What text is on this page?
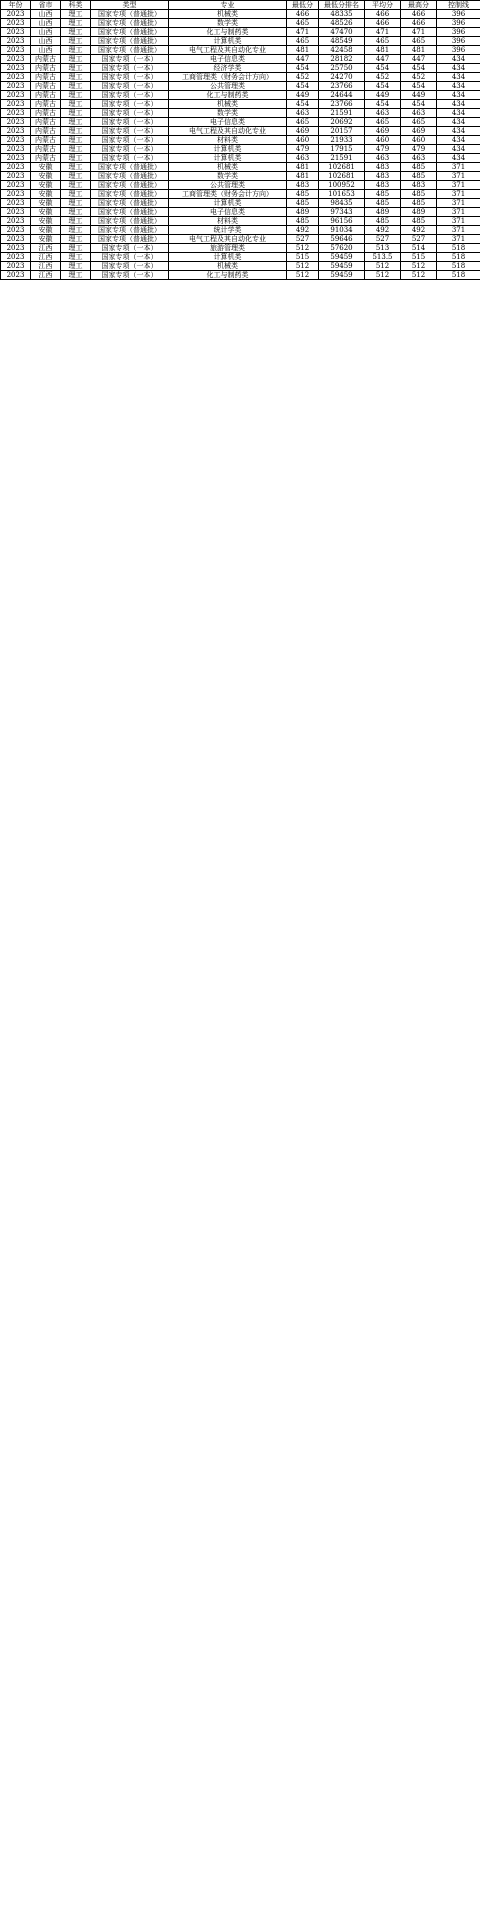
年份	省市	科类	类型	专业	最低分	最低分排名	平均分	最高分	控制线
2023	山西	理工	国家专项（普通批）	机械类	466	48335	466	466	396
2023	山西	理工	国家专项（普通批）	数学类	465	48526	466	466	396
2023	山西	理工	国家专项（普通批）	化工与制药类	471	47470	471	471	396
2023	山西	理工	国家专项（普通批）	计算机类	465	48549	465	465	396
2023	山西	理工	国家专项（普通批）	电气工程及其自动化专业	481	42458	481	481	396
2023	内蒙古	理工	国家专项（一本）	电子信息类	447	28182	447	447	434
2023	内蒙古	理工	国家专项（一本）	经济学类	454	25750	454	454	434
2023	内蒙古	理工	国家专项（一本）	工商管理类（财务会计方向）	452	24270	452	452	434
2023	内蒙古	理工	国家专项（一本）	公共管理类	454	23766	454	454	434
2023	内蒙古	理工	国家专项（一本）	化工与制药类	449	24644	449	449	434
2023	内蒙古	理工	国家专项（一本）	机械类	454	23766	454	454	434
2023	内蒙古	理工	国家专项（一本）	数学类	463	21591	463	463	434
2023	内蒙古	理工	国家专项（一本）	电子信息类	465	20692	465	465	434
2023	内蒙古	理工	国家专项（一本）	电气工程及其自动化专业	469	20157	469	469	434
2023	内蒙古	理工	国家专项（一本）	材料类	460	21933	460	460	434
2023	内蒙古	理工	国家专项（一本）	计算机类	479	17915	479	479	434
2023	内蒙古	理工	国家专项（一本）	计算机类	463	21591	463	463	434
2023	安徽	理工	国家专项（普通批）	机械类	481	102681	483	485	371
2023	安徽	理工	国家专项（普通批）	数学类	481	102681	483	485	371
2023	安徽	理工	国家专项（普通批）	公共管理类	483	100952	483	483	371
2023	安徽	理工	国家专项（普通批）	工商管理类（财务会计方向）	485	101653	485	485	371
2023	安徽	理工	国家专项（普通批）	计算机类	485	98435	485	485	371
2023	安徽	理工	国家专项（普通批）	电子信息类	489	97343	489	489	371
2023	安徽	理工	国家专项（普通批）	材料类	485	96156	485	485	371
2023	安徽	理工	国家专项（普通批）	统计学类	492	91034	492	492	371
2023	安徽	理工	国家专项（普通批）	电气工程及其自动化专业	527	59646	527	527	371
2023	江西	理工	国家专项（一本）	旅游管理类	512	57620	513	514	518
2023	江西	理工	国家专项（一本）	计算机类	515	59459	513.5	515	518
2023	江西	理工	国家专项（一本）	机械类	512	59459	512	512	518
2023	江西	理工	国家专项（一本）	化工与制药类	512	59459	512	512	518
